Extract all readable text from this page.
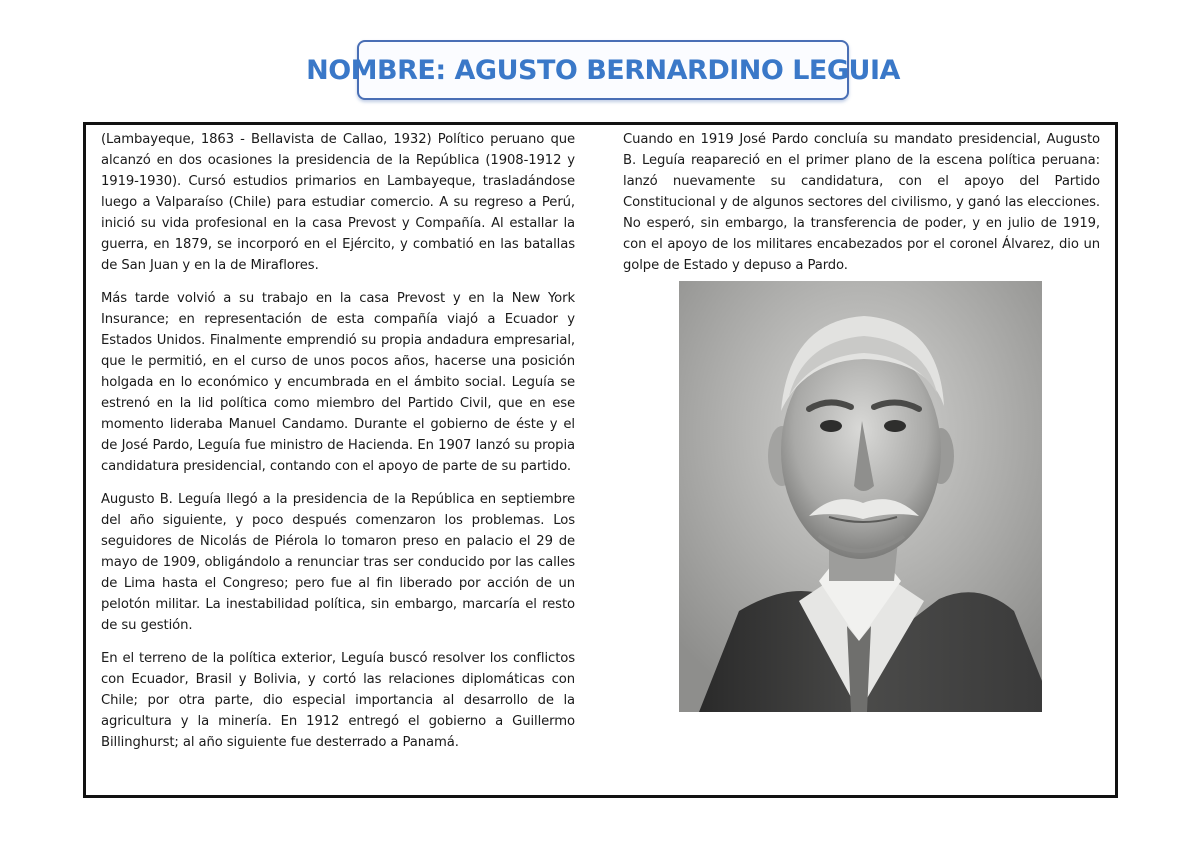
NOMBRE: AGUSTO BERNARDINO LEGUIA

(Lambayeque, 1863 - Bellavista de Callao, 1932) Político peruano que alcanzó en dos ocasiones la presidencia de la República (1908-1912 y 1919-1930). Cursó estudios primarios en Lambayeque, trasladándose luego a Valparaíso (Chile) para estudiar comercio. A su regreso a Perú, inició su vida profesional en la casa Prevost y Compañía. Al estallar la guerra, en 1879, se incorporó en el Ejército, y combatió en las batallas de San Juan y en la de Miraflores.

Más tarde volvió a su trabajo en la casa Prevost y en la New York Insurance; en representación de esta compañía viajó a Ecuador y Estados Unidos. Finalmente emprendió su propia andadura empresarial, que le permitió, en el curso de unos pocos años, hacerse una posición holgada en lo económico y encumbrada en el ámbito social. Leguía se estrenó en la lid política como miembro del Partido Civil, que en ese momento lideraba Manuel Candamo. Durante el gobierno de éste y el de José Pardo, Leguía fue ministro de Hacienda. En 1907 lanzó su propia candidatura presidencial, contando con el apoyo de parte de su partido.

Augusto B. Leguía llegó a la presidencia de la República en septiembre del año siguiente, y poco después comenzaron los problemas. Los seguidores de Nicolás de Piérola lo tomaron preso en palacio el 29 de mayo de 1909, obligándolo a renunciar tras ser conducido por las calles de Lima hasta el Congreso; pero fue al fin liberado por acción de un pelotón militar. La inestabilidad política, sin embargo, marcaría el resto de su gestión.

En el terreno de la política exterior, Leguía buscó resolver los conflictos con Ecuador, Brasil y Bolivia, y cortó las relaciones diplomáticas con Chile; por otra parte, dio especial importancia al desarrollo de la agricultura y la minería. En 1912 entregó el gobierno a Guillermo Billinghurst; al año siguiente fue desterrado a Panamá.

Cuando en 1919 José Pardo concluía su mandato presidencial, Augusto B. Leguía reapareció en el primer plano de la escena política peruana: lanzó nuevamente su candidatura, con el apoyo del Partido Constitucional y de algunos sectores del civilismo, y ganó las elecciones. No esperó, sin embargo, la transferencia de poder, y en julio de 1919, con el apoyo de los militares encabezados por el coronel Álvarez, dio un golpe de Estado y depuso a Pardo.
